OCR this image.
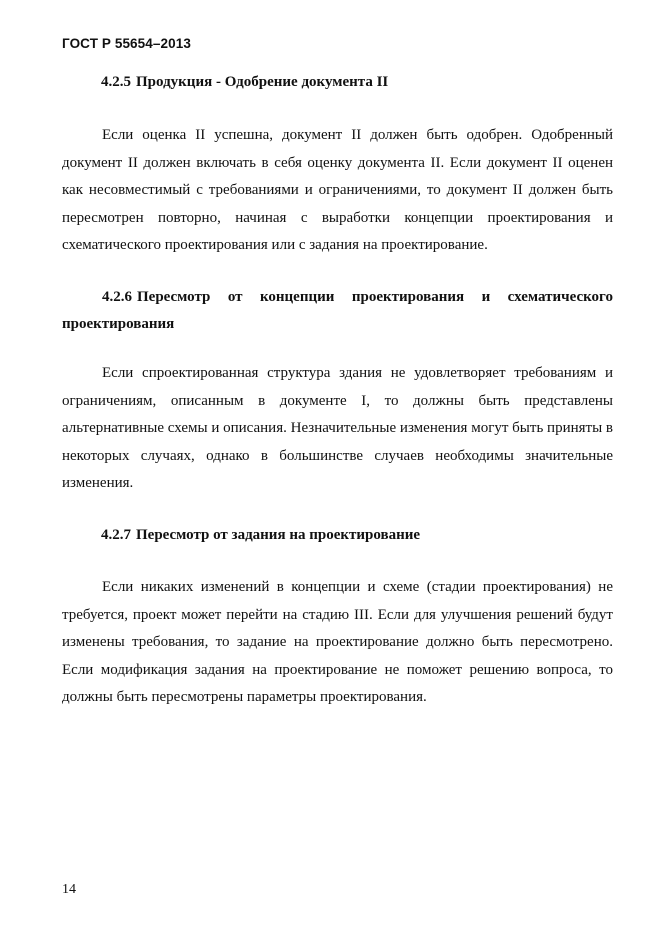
ГОСТ Р 55654–2013
4.2.5 Продукция - Одобрение документа II

Если оценка II успешна, документ II должен быть одобрен. Одобренный документ II должен включать в себя оценку документа II. Если документ II оценен как несовместимый с требованиями и ограничениями, то документ II должен быть пересмотрен повторно, начиная с выработки концепции проектирования и схематического проектирования или с задания на проектирование.

4.2.6 Пересмотр от концепции проектирования и схематического проектирования

Если спроектированная структура здания не удовлетворяет требованиям и ограничениям, описанным в документе I, то должны быть представлены альтернативные схемы и описания. Незначительные изменения могут быть приняты в некоторых случаях, однако в большинстве случаев необходимы значительные изменения.

4.2.7 Пересмотр от задания на проектирование

Если никаких изменений в концепции и схеме (стадии проектирования) не требуется, проект может перейти на стадию III. Если для улучшения решений будут изменены требования, то задание на проектирование должно быть пересмотрено. Если модификация задания на проектирование не поможет решению вопроса, то должны быть пересмотрены параметры проектирования.

14
